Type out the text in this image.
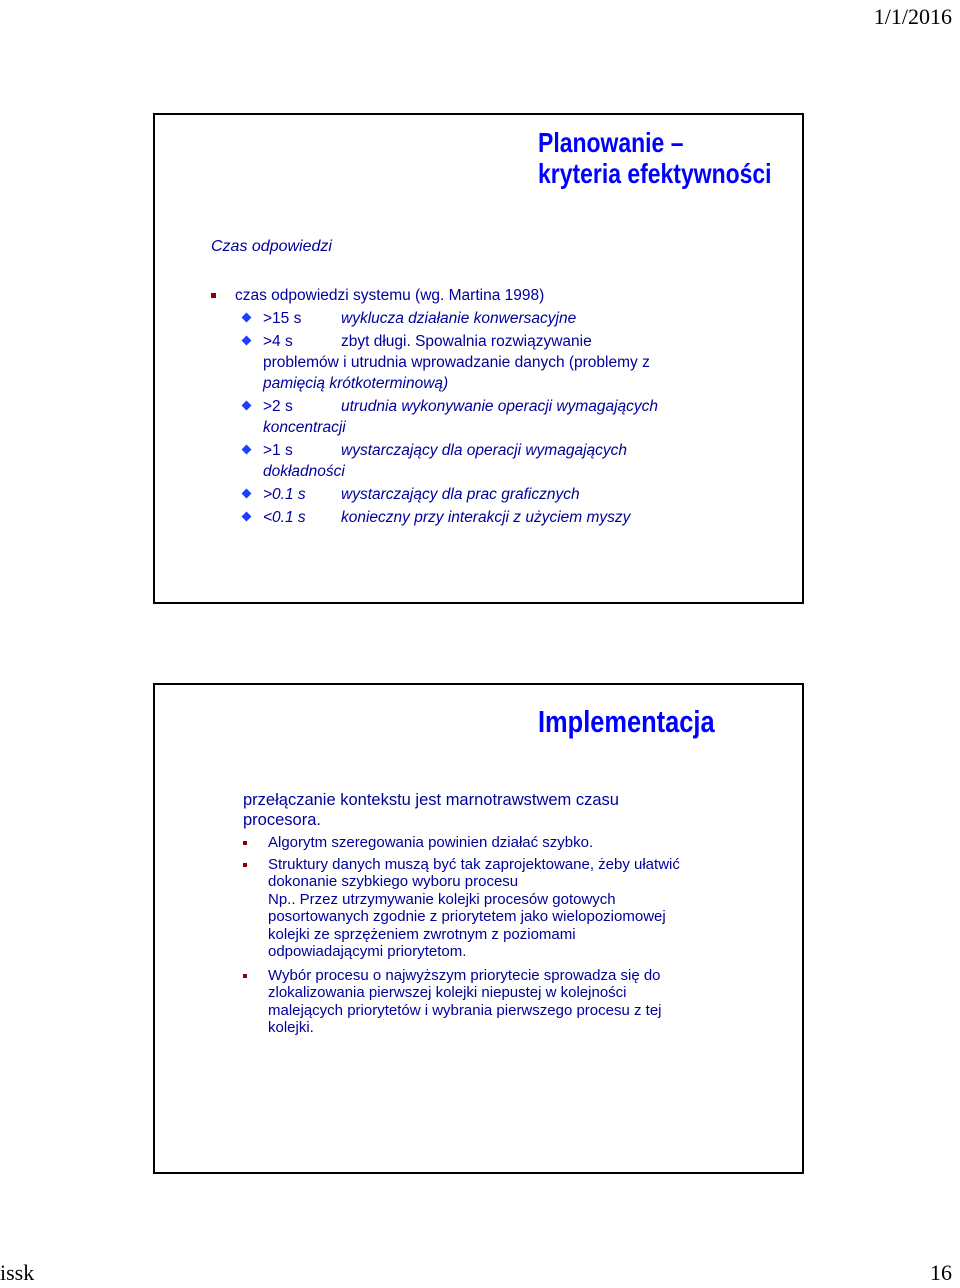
1/1/2016
Planowanie –
kryteria efektywności
Czas odpowiedzi
czas odpowiedzi systemu (wg. Martina 1998)
>15 s	wyklucza działanie konwersacyjne
>4 s	zbyt długi. Spowalnia rozwiązywanie
problemów i utrudnia wprowadzanie danych (problemy z
pamięcią krótkoterminową)
>2 s	utrudnia wykonywanie operacji wymagających
koncentracji
>1 s	wystarczający dla operacji wymagających
dokładności
>0.1 s wystarczający dla prac graficznych
<0.1 s konieczny przy interakcji z użyciem myszy
Implementacja
przełączanie kontekstu jest marnotrawstwem czasu procesora.
Algorytm szeregowania powinien działać szybko.
Struktury danych muszą być tak zaprojektowane, żeby ułatwić dokonanie szybkiego wyboru procesu
Np.. Przez utrzymywanie kolejki procesów gotowych posortowanych zgodnie z priorytetem jako wielopoziomowej kolejki ze sprzężeniem zwrotnym z poziomami odpowiadającymi priorytetom.
Wybór procesu o najwyższym priorytecie sprowadza się do zlokalizowania pierwszej kolejki niepustej w kolejności malejących priorytetów i wybrania pierwszego procesu z tej kolejki.
issk	16
